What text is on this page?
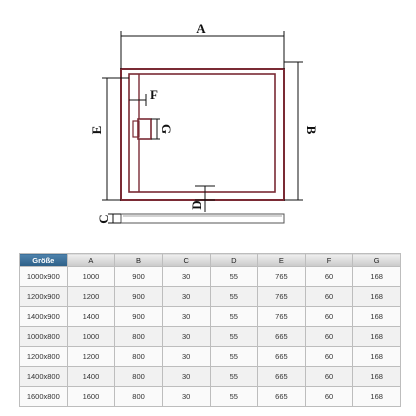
A
B
E
F
G
D
C
Größe	A	B	C	D	E	F	G
1000x900	1000	900	30	55	765	60	168
1200x900	1200	900	30	55	765	60	168
1400x900	1400	900	30	55	765	60	168
1000x800	1000	800	30	55	665	60	168
1200x800	1200	800	30	55	665	60	168
1400x800	1400	800	30	55	665	60	168
1600x800	1600	800	30	55	665	60	168
